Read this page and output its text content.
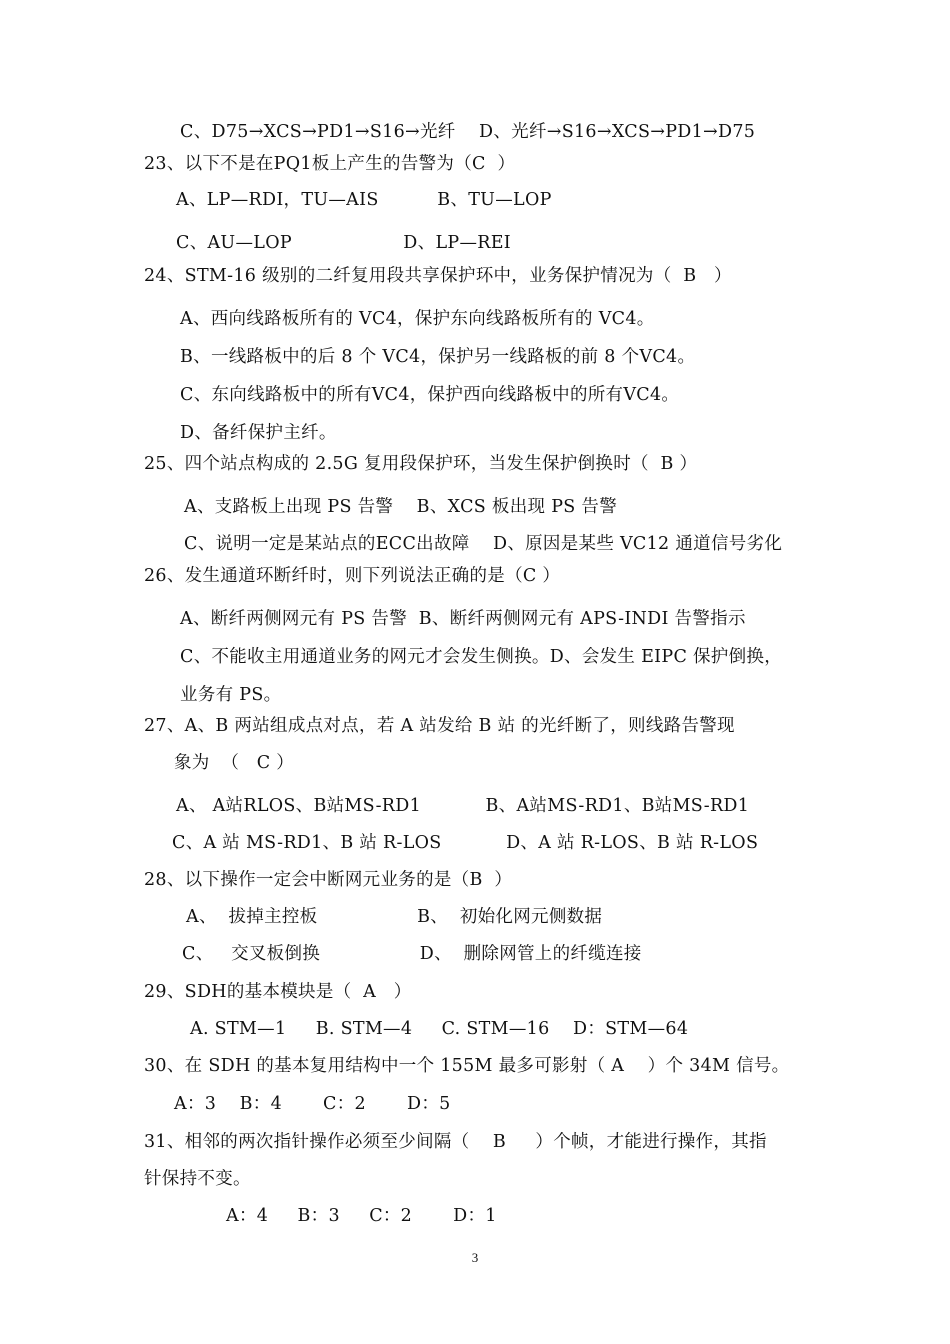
C、D75→XCS→PD1→S16→光纤    D、光纤→S16→XCS→PD1→D75
23、以下不是在PQ1板上产生的告警为（C  ）
A、LP—RDI，TU—AIS          B、TU—LOP
C、AU—LOP                   D、LP—REI
24、STM-16 级别的二纤复用段共享保护环中，业务保护情况为（  B   ）
A、西向线路板所有的 VC4，保护东向线路板所有的 VC4。
B、一线路板中的后 8 个 VC4，保护另一线路板的前 8 个VC4。
C、东向线路板中的所有VC4，保护西向线路板中的所有VC4。
D、备纤保护主纤。
25、四个站点构成的 2.5G 复用段保护环，当发生保护倒换时（  B ）
A、支路板上出现 PS 告警    B、XCS 板出现 PS 告警
C、说明一定是某站点的ECC出故障    D、原因是某些 VC12 通道信号劣化
26、发生通道环断纤时，则下列说法正确的是（C ）
A、断纤两侧网元有 PS 告警  B、断纤两侧网元有 APS-INDI 告警指示
C、不能收主用通道业务的网元才会发生侧换。D、会发生 EIPC 保护倒换，
业务有 PS。
27、A、B 两站组成点对点，若 A 站发给 B 站 的光纤断了，则线路告警现
象为  （   C ）
A、 A站RLOS、B站MS-RD1           B、A站MS-RD1、B站MS-RD1
C、A 站 MS-RD1、B 站 R-LOS           D、A 站 R-LOS、B 站 R-LOS
28、以下操作一定会中断网元业务的是（B  ）
A、  拔掉主控板                 B、  初始化网元侧数据
C、   交叉板倒换                 D、  删除网管上的纤缆连接
29、SDH的基本模块是（  A   ）
A. STM—1     B. STM—4     C. STM—16    D：STM—64
30、在 SDH 的基本复用结构中一个 155M 最多可影射（ A    ）个 34M 信号。
A：3    B：4       C：2       D：5
31、相邻的两次指针操作必须至少间隔（    B     ）个帧，才能进行操作，其指
针保持不变。
A：4     B：3     C：2       D：1
3
